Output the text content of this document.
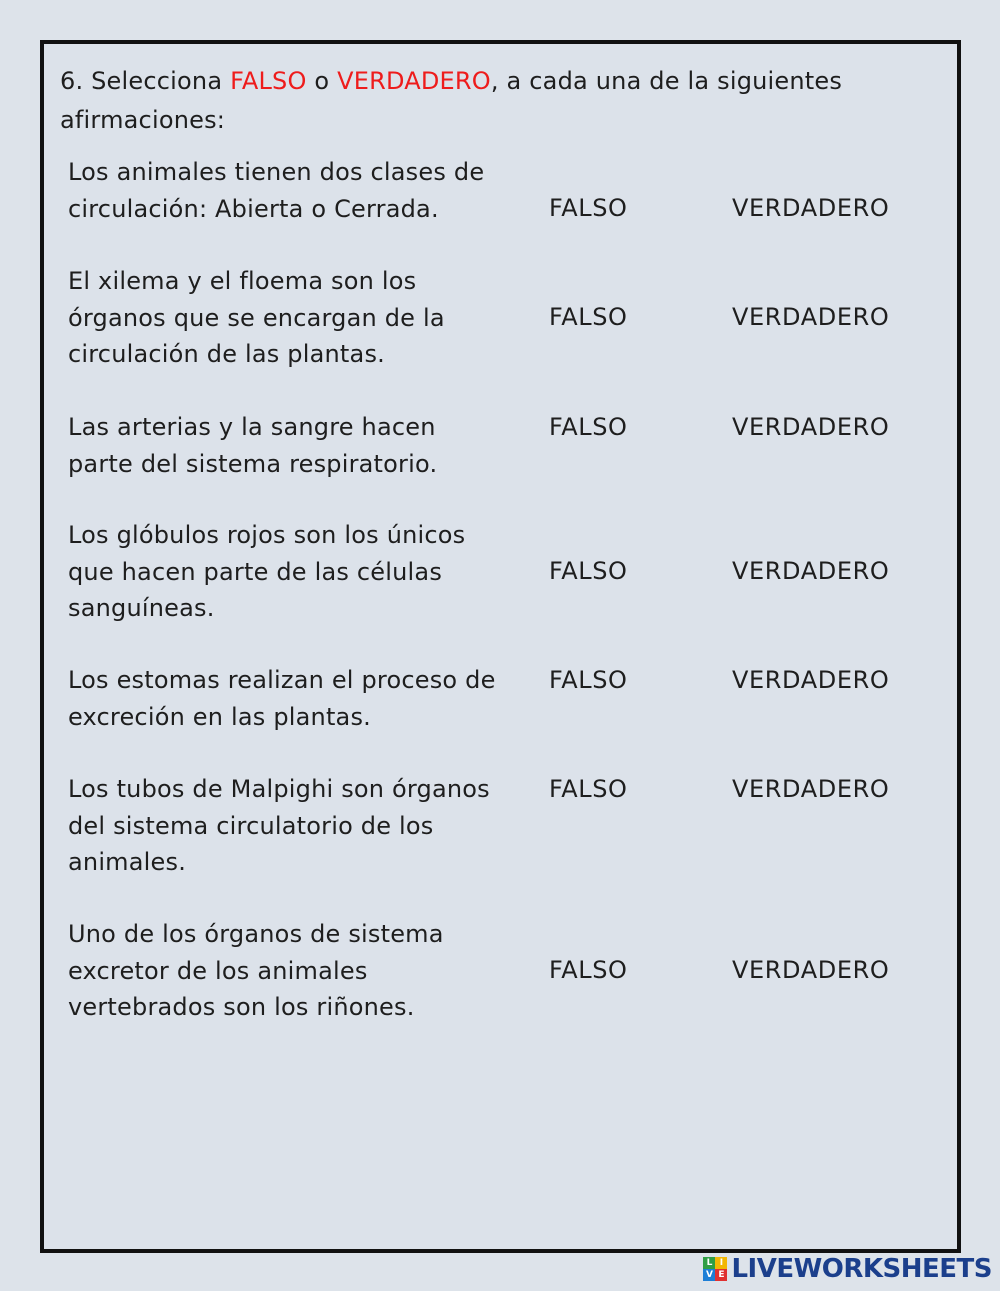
6. Selecciona FALSO o VERDADERO, a cada una de la siguientes afirmaciones:
Los animales tienen dos clases de
circulación: Abierta o Cerrada.	FALSO	VERDADERO
El xilema y el floema son los
órganos que se encargan de la
circulación de las plantas.
FALSO	VERDADERO
Las arterias y la sangre hacen
parte del sistema respiratorio.
FALSO	VERDADERO
Los glóbulos rojos son los únicos
que hacen parte de las células
sanguíneas.
FALSO	VERDADERO
Los estomas realizan el proceso de
excreción en las plantas.
FALSO	VERDADERO
Los tubos de Malpighi son órganos
del sistema circulatorio de los
animales.
FALSO	VERDADERO
Uno de los órganos de sistema
excretor de los animales
vertebrados son los riñones.
FALSO	VERDADERO
L I
V E LIVEWORKSHEETS
